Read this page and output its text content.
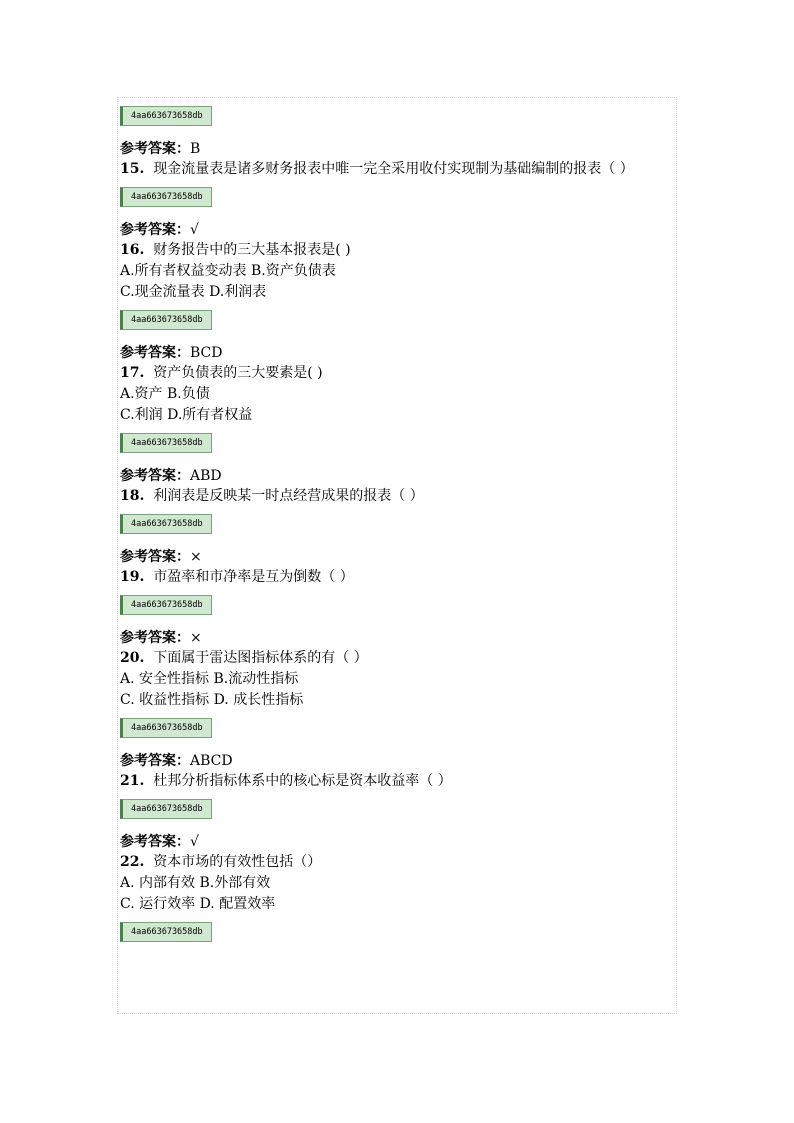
4aa663673658db
参考答案：B
15. 现金流量表是诸多财务报表中唯一完全采用收付实现制为基础编制的报表（ ）
4aa663673658db
参考答案：√
16. 财务报告中的三大基本报表是( )
A.所有者权益变动表 B.资产负债表
C.现金流量表 D.利润表
4aa663673658db
参考答案：BCD
17. 资产负债表的三大要素是( )
A.资产 B.负债
C.利润 D.所有者权益
4aa663673658db
参考答案：ABD
18. 利润表是反映某一时点经营成果的报表（ ）
4aa663673658db
参考答案：×
19. 市盈率和市净率是互为倒数（ ）
4aa663673658db
参考答案：×
20. 下面属于雷达图指标体系的有（ ）
A. 安全性指标 B.流动性指标
C. 收益性指标 D. 成长性指标
4aa663673658db
参考答案：ABCD
21. 杜邦分析指标体系中的核心标是资本收益率（ ）
4aa663673658db
参考答案：√
22. 资本市场的有效性包括（）
A. 内部有效 B.外部有效
C. 运行效率 D. 配置效率
4aa663673658db
